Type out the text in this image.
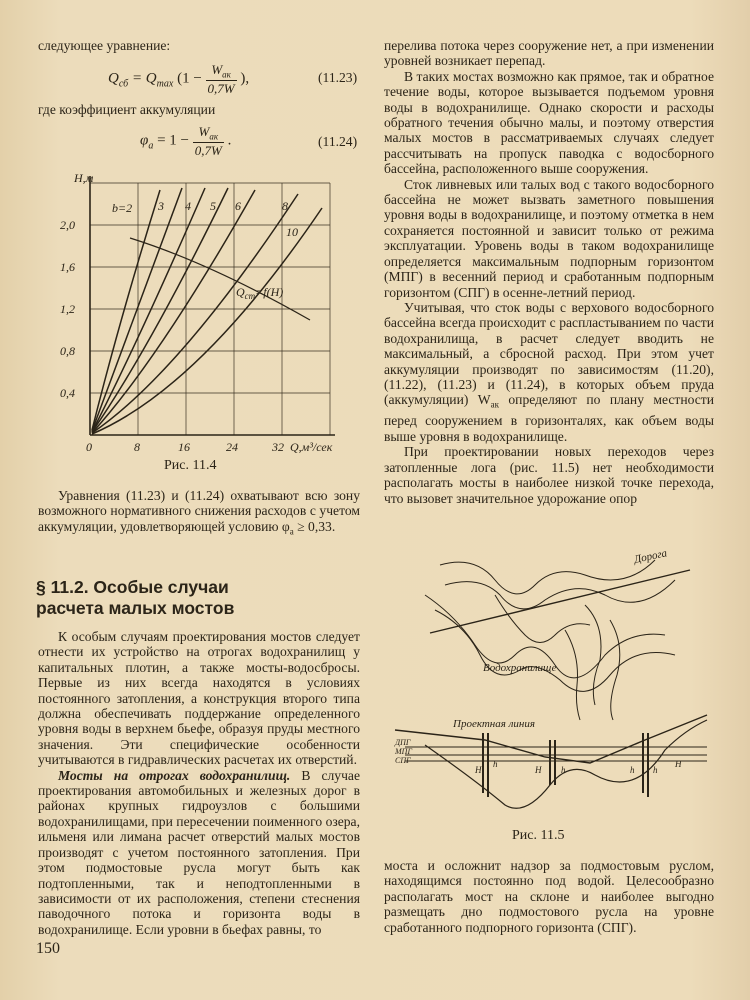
следующее уравнение:

$Q_{сб} = Q_{max}$ ($1 - \frac{W_{ак}}{0,7W}$ ),	(11.23)

где коэффициент аккумуляции

$\varphi_а = 1 - \frac{W_{ак}}{0,7W}$ .	(11.24)
0,4
0,8
1,2
1,6
2,0
H,м
0	8	16	24	32 Q,м³/сек
b=2 3 4 5 6	8
10
$Q_{cm}=f(H)$
Рис. 11.4

Уравнения (11.23) и (11.24) охватывают всю зону возможного нормативного снижения расходов с учетом аккумуляции, удовлетворяющей условию $\varphi_а \ge 0,33$.

§ 11.2. Особые случаи
расчета малых мостов

К особым случаям проектирования мостов следует отнести их устройство на отрогах водохранилищ у капитальных плотин, а также мосты-водосбросы. Первые из них всегда находятся в условиях постоянного затопления, а конструкция второго типа должна обеспечивать поддержание определенного уровня воды в верхнем бьефе, образуя пруды местного значения. Эти специфические особенности учитываются в гидравлических расчетах их отверстий.

Мосты на отрогах водохранилищ. В случае проектирования автомобильных и железных дорог в районах крупных гидроузлов с большими водохранилищами, при пересечении поименного озера, ильменя или лимана расчет отверстий малых мостов производят с учетом постоянного затопления. При этом подмостовые русла могут быть как подтопленными, так и неподтопленными в зависимости от их расположения, степени стеснения паводочного потока и горизонта воды в водохранилище. Если уровни в бьефах равны, то

150

перелива потока через сооружение нет, а при изменении уровней возникает перепад.

В таких мостах возможно как прямое, так и обратное течение воды, которое вызывается подъемом уровня воды в водохранилище. Однако скорости и расходы обратного течения обычно малы, и поэтому отверстия малых мостов в рассматриваемых случаях следует рассчитывать на пропуск паводка с водосборного бассейна, расположенного выше сооружения.

Сток ливневых или талых вод с такого водосборного бассейна не может вызвать заметного повышения уровня воды в водохранилище, и поэтому отметка в нем сохраняется постоянной и зависит только от режима эксплуатации. Уровень воды в таком водохранилище определяется максимальным подпорным горизонтом (МПГ) в весенний период и сработанным подпорным горизонтом (СПГ) в осенне-летний период.

Учитывая, что сток воды с верхового водосборного бассейна всегда происходит с распластыванием по части водохранилища, в расчет следует вводить не максимальный, а сбросной расход. При этом учет аккумуляции производят по зависимостям (11.20), (11.22), (11.23) и (11.24), в которых объем пруда (аккумуляции) $W_{ак}$ определяют по плану местности перед сооружением в горизонталях, как объем воды выше уровня в водохранилище.

При проектировании новых переходов через затопленные лога (рис. 11.5) нет необходимости располагать мосты в наиболее низкой точке перехода, что вызовет значительное удорожание опор

Дорога
Водохранилище
Проектная линия
ДПГ
МПГ
СПГ
H
h
h
H	h h
H
Рис. 11.5

моста и осложнит надзор за подмостовым руслом, находящимся постоянно под водой. Целесообразно располагать мост на склоне и наиболее выгодно размещать дно подмостового русла на уровне сработанного подпорного горизонта (СПГ).
